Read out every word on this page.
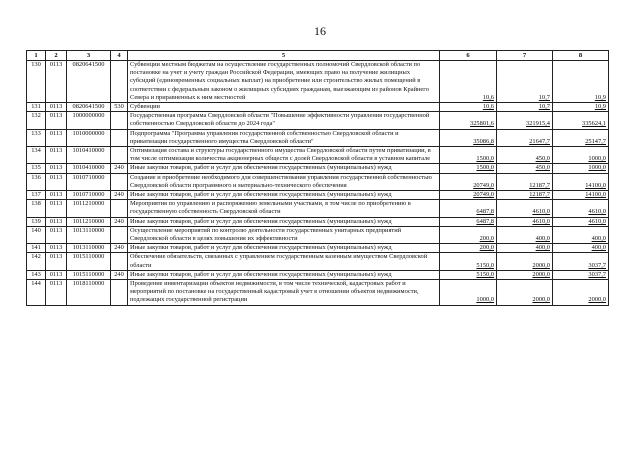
16
1	2	3	4	5	6	7	8
130	0113	0820641500		Субвенции местным бюджетам на осуществление государственных полномочий Свердловской области по постановке на учет и учету граждан Российской Федерации, имеющих право на получение жилищных субсидий (единовременных социальных выплат) на приобретение или строительство жилых помещений в соответствии с федеральным законом о жилищных субсидиях гражданам, выезжающим из районов Крайнего Севера и приравненных к ним местностей	10,6	10,7	10,9
131	0113	0820641500	530	Субвенции	10,6	10,7	10,9
132	0113	1000000000		Государственная программа Свердловской области "Повышение эффективности управления государственной собственностью Свердловской области до 2024 года"	325801,6	321915,4	335624,1
133	0113	1010000000		Подпрограмма "Программа управления государственной собственностью Свердловской области и приватизации государственного имущества Свердловской области"	35086,8	21647,7	25147,7
134	0113	1010410000		Оптимизация состава и структуры государственного имущества Свердловской области путем приватизации, в том числе оптимизация количества акционерных обществ с долей Свердловской области в уставном капитале	1500,0	450,0	1000,0
135	0113	1010410000	240	Иные закупки товаров, работ и услуг для обеспечения государственных (муниципальных) нужд	1500,0	450,0	1000,0
136	0113	1010710000		Создание и приобретение необходимого для совершенствования управления государственной собственностью Свердловской области программного и материально-технического обеспечения	20749,0	12187,7	14100,0
137	0113	1010710000	240	Иные закупки товаров, работ и услуг для обеспечения государственных (муниципальных) нужд	20749,0	12187,7	14100,0
138	0113	1011210000		Мероприятия по управлению и распоряжению земельными участками, в том числе по приобретению в государственную собственность Свердловской области	6487,8	4610,0	4610,0
139	0113	1011210000	240	Иные закупки товаров, работ и услуг для обеспечения государственных (муниципальных) нужд	6487,8	4610,0	4610,0
140	0113	1013110000		Осуществление мероприятий по контролю деятельности государственных унитарных предприятий Свердловской области в целях повышения их эффективности	200,0	400,0	400,0
141	0113	1013110000	240	Иные закупки товаров, работ и услуг для обеспечения государственных (муниципальных) нужд	200,0	400,0	400,0
142	0113	1015110000		Обеспечение обязательств, связанных с управлением государственным казенным имуществом Свердловской области	5150,0	2000,0	3037,7
143	0113	1015110000	240	Иные закупки товаров, работ и услуг для обеспечения государственных (муниципальных) нужд	5150,0	2000,0	3037,7
144	0113	1018110000		Проведение инвентаризации объектов недвижимости, в том числе технической, кадастровых работ и мероприятий по постановке на государственный кадастровый учет в отношении объектов недвижимости, подлежащих государственной регистрации	1000,0	2000,0	2000,0
